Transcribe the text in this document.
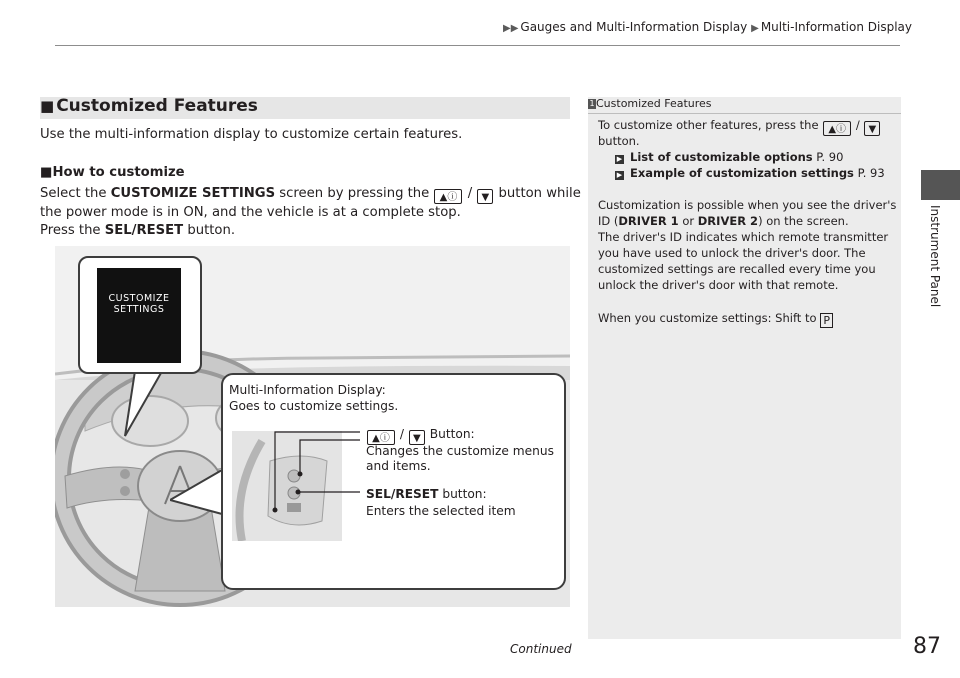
▶▶ Gauges and Multi-Information Display ▶ Multi-Information Display
■ Customized Features
Use the multi-information display to customize certain features.
■How to customize
Select the CUSTOMIZE SETTINGS screen by pressing the ▲ⓘ / ▼ button while
the power mode is in ON, and the vehicle is at a complete stop.
Press the SEL/RESET button.
1Customized Features
To customize other features, press the ▲ⓘ / ▼
button.
▶ List of customizable options P. 90
▶ Example of customization settings P. 93
Customization is possible when you see the driver's
ID (DRIVER 1 or DRIVER 2) on the screen.
The driver's ID indicates which remote transmitter
you have used to unlock the driver's door. The
customized settings are recalled every time you
unlock the driver's door with that remote.
When you customize settings: Shift to P
Instrument Panel
CUSTOMIZE
SETTINGS
Multi-Information Display:
Goes to customize settings.
▲ⓘ / ▼ Button:
Changes the customize menus
and items.
SEL/RESET button:
Enters the selected item
Continued	87
